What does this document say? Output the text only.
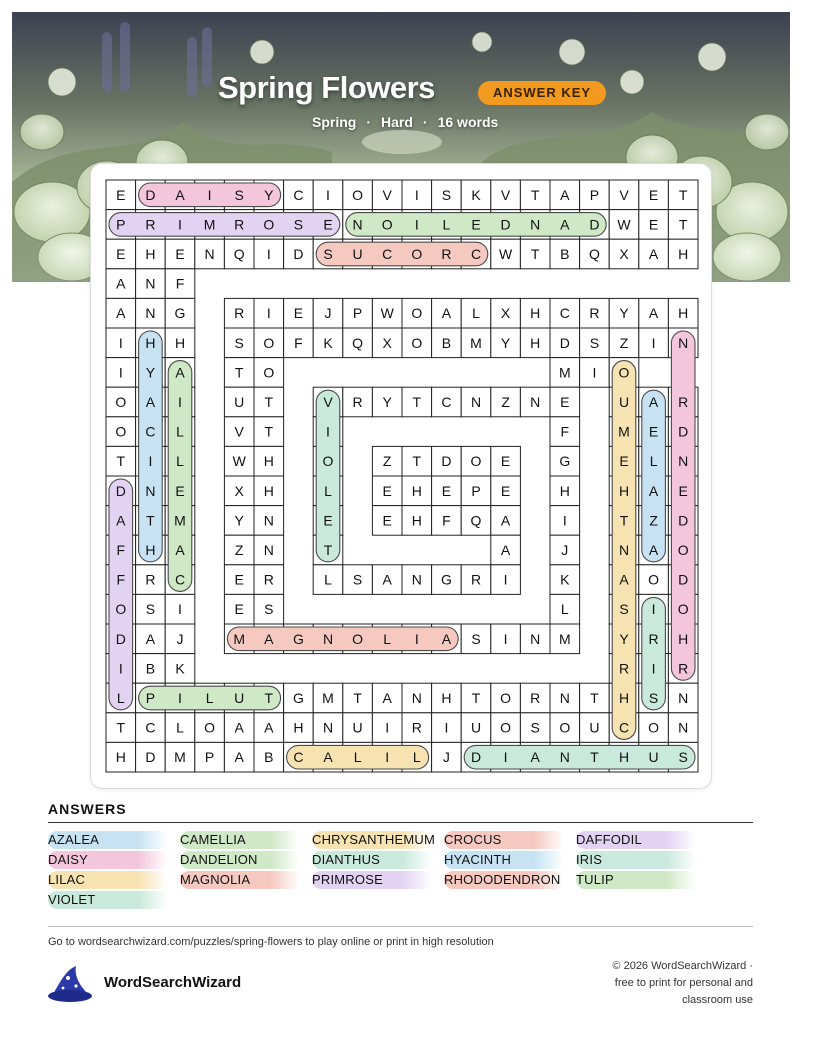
Spring Flowers	ANSWER KEY
Spring · Hard · 16 words
E D A I S Y C I O V I S K V T A P V E T
P R I M R O S E N O I L E D N A D W E T
E H E N Q I D S U C O R C W T B Q X A H
A N F
A N G	R I E J P W O A L X H C R Y A H
I H H	S O F K Q X O B M Y H D S Z I N
I Y A	T O	M I O
O A I	U T	V R Y T C N Z N E	U A R
O C L	V T	I	F	M E D
T I L	W H	O	Z T D O E	G	E L N
D N E	X H	L	E H E P E	H	H A E
A T M	Y N	E	E H F Q A	I	T Z D
F H A	Z N	T	A	J	N A O
F R C	E R	L S A N G R I	K	A O D
O S I	E S	L	S I O
D A J	M A G N O L I A S I N M	Y R H
I B K	R I R
L P I L U T G M T A N H T O R N T H S N
T C L O A A H N U I R I U O S O U C O N
H D M P A B C A L I L J D I A N T H U S
ANSWERS
AZALEA	CAMELLIA	CHRYSANTHEMUM CROCUS	DAFFODIL
DAISY	DANDELION	DIANTHUS	HYACINTH	IRIS
LILAC	MAGNOLIA	PRIMROSE	RHODODENDRON TULIP
VIOLET
Go to wordsearchwizard.com/puzzles/spring-flowers to play online or print in high resolution
WordSearchWizard
© 2026 WordSearchWizard ·
free to print for personal and
classroom use
